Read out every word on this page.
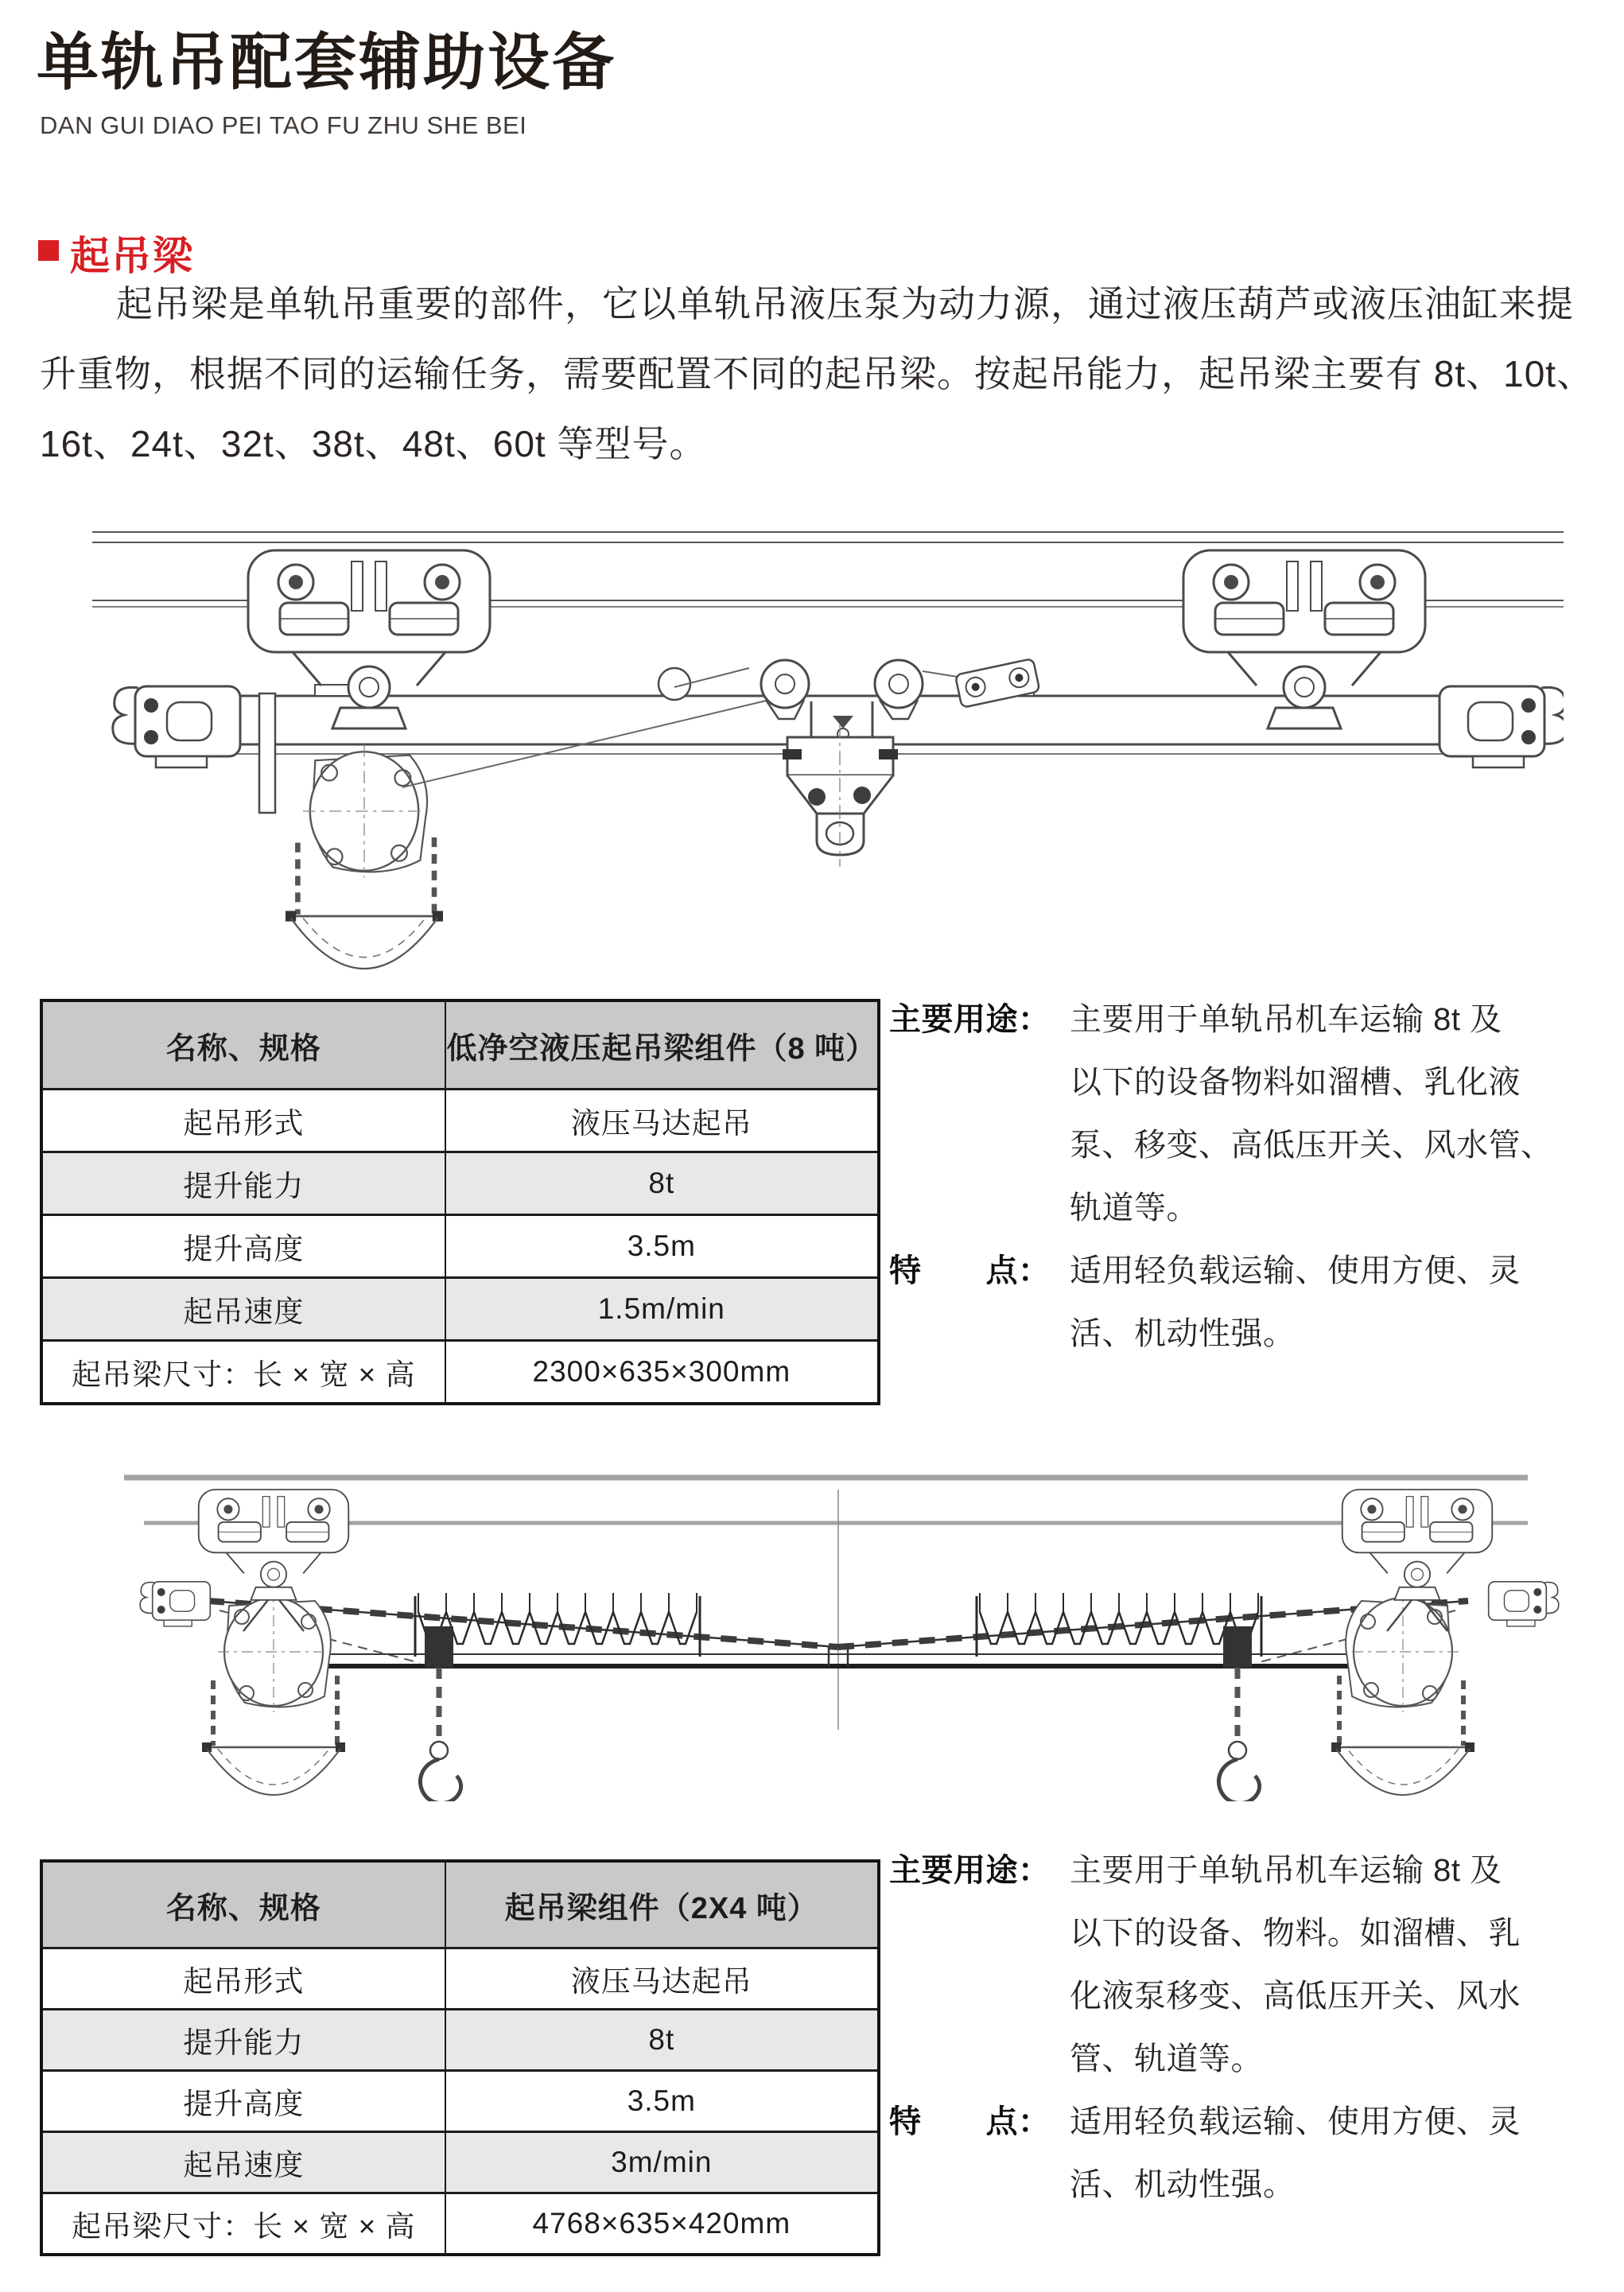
单轨吊配套辅助设备
DAN GUI DIAO PEI TAO FU ZHU SHE BEI
起吊梁
起吊梁是单轨吊重要的部件，它以单轨吊液压泵为动力源，通过液压葫芦或液压油缸来提
升重物，根据不同的运输任务，需要配置不同的起吊梁。按起吊能力，起吊梁主要有 8t、10t、
16t、24t、32t、38t、48t、60t 等型号。
名称、规格	低净空液压起吊梁组件（8 吨）
起吊形式	液压马达起吊
提升能力	8t
提升高度	3.5m
起吊速度	1.5m/min
起吊梁尺寸：长 × 宽 × 高	2300×635×300mm
主要用途： 主要用于单轨吊机车运输 8t 及
以下的设备物料如溜槽、乳化液
泵、移变、高低压开关、风水管、
轨道等。
特　　点： 适用轻负载运输、使用方便、灵
活、机动性强。
名称、规格	起吊梁组件（2X4 吨）
起吊形式	液压马达起吊
提升能力	8t
提升高度	3.5m
起吊速度	3m/min
起吊梁尺寸：长 × 宽 × 高	4768×635×420mm
主要用途： 主要用于单轨吊机车运输 8t 及
以下的设备、物料。如溜槽、乳
化液泵移变、高低压开关、风水
管、轨道等。
特　　点： 适用轻负载运输、使用方便、灵
活、机动性强。
